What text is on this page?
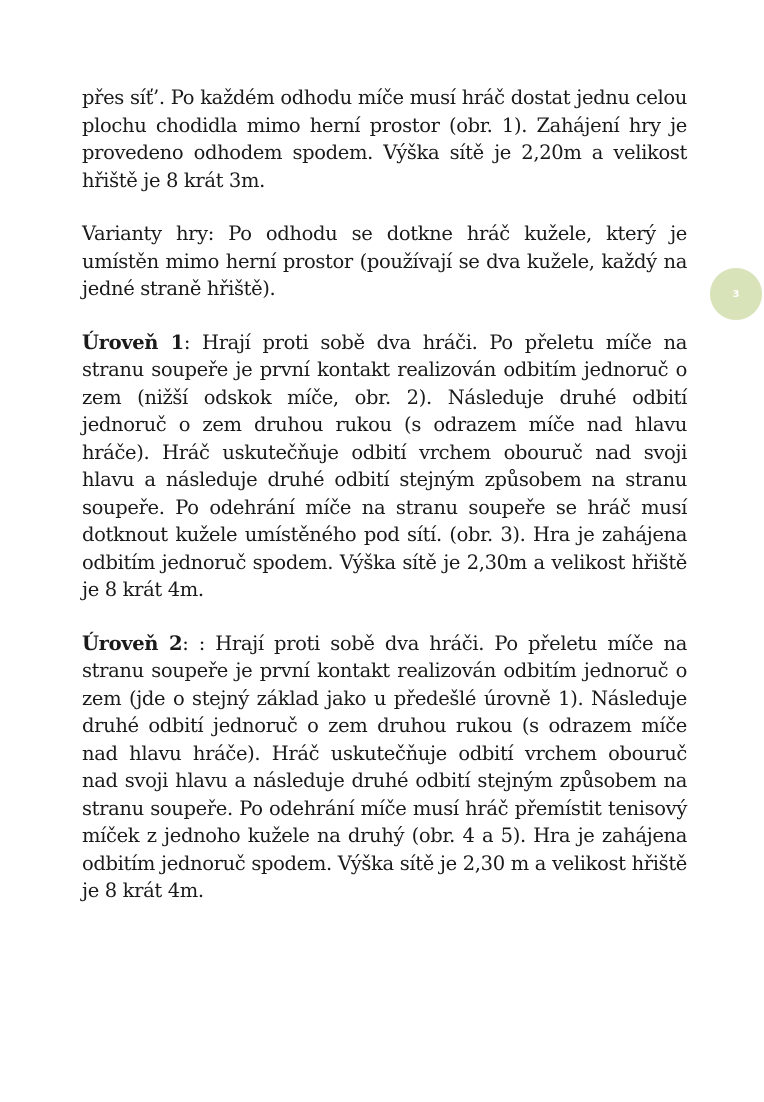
přes síť’. Po každém odhodu míče musí hráč dostat jednu celou plochu chodidla mimo herní prostor (obr. 1). Zahájení hry je provedeno odhodem spodem. Výška sítě je 2,20m a velikost hřiště je 8 krát 3m.

Varianty hry: Po odhodu se dotkne hráč kužele, který je umístěn mimo herní prostor (používají se dva kužele, každý na jedné straně hřiště).

Úroveň 1: Hrají proti sobě dva hráči. Po přeletu míče na stranu soupeře je první kontakt realizován odbitím jednoruč o zem (nižší odskok míče, obr. 2). Následuje druhé odbití jednoruč o zem druhou rukou (s odrazem míče nad hlavu hráče). Hráč uskutečňuje odbití vrchem obouruč nad svoji hlavu a následuje druhé odbití stejným způsobem na stranu soupeře. Po odehrání míče na stranu soupeře se hráč musí dotknout kužele umístěného pod sítí. (obr. 3). Hra je zahájena odbitím jednoruč spodem. Výška sítě je 2,30m a velikost hřiště je 8 krát 4m.

Úroveň 2: : Hrají proti sobě dva hráči. Po přeletu míče na stranu soupeře je první kontakt realizován odbitím jednoruč o zem (jde o stejný základ jako u předešlé úrovně 1). Následuje druhé odbití jednoruč o zem druhou rukou (s odrazem míče nad hlavu hráče). Hráč uskutečňuje odbití vrchem obouruč nad svoji hlavu a následuje druhé odbití stejným způsobem na stranu soupeře. Po odehrání míče musí hráč přemístit tenisový míček z jednoho kužele na druhý (obr. 4 a 5). Hra je zahájena odbitím jednoruč spodem. Výška sítě je 2,30 m a velikost hřiště je 8 krát 4m.

3
